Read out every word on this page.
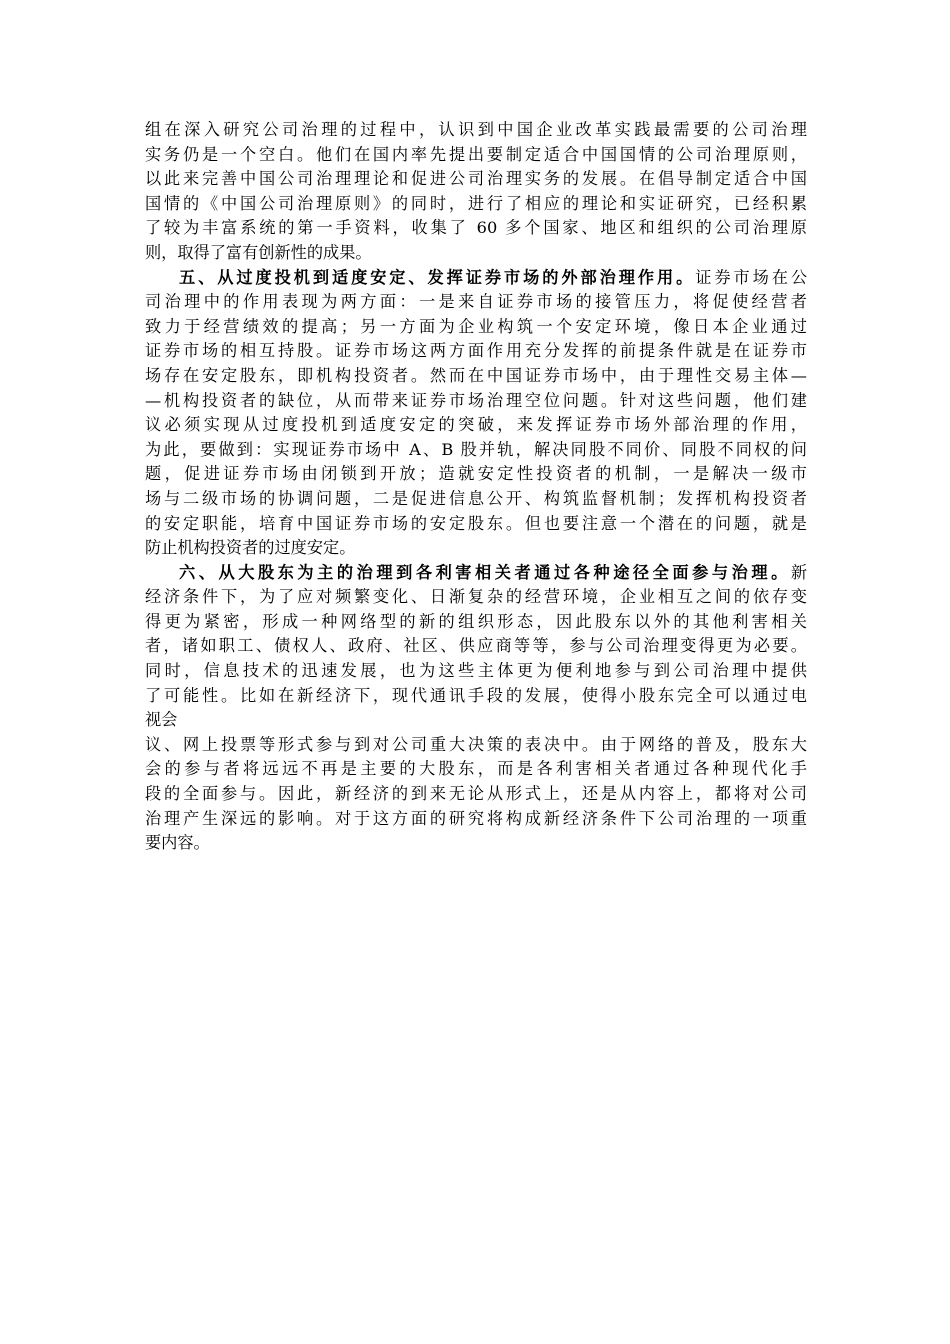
组在深入研究公司治理的过程中，认识到中国企业改革实践最需要的公司治理
实务仍是一个空白。他们在国内率先提出要制定适合中国国情的公司治理原则，
以此来完善中国公司治理理论和促进公司治理实务的发展。在倡导制定适合中国
国情的《中国公司治理原则》的同时，进行了相应的理论和实证研究，已经积累
了较为丰富系统的第一手资料，收集了 60 多个国家、地区和组织的公司治理原
则，取得了富有创新性的成果。
五、从过度投机到适度安定、发挥证券市场的外部治理作用。证券市场在公
司治理中的作用表现为两方面：一是来自证券市场的接管压力，将促使经营者
致力于经营绩效的提高；另一方面为企业构筑一个安定环境，像日本企业通过
证券市场的相互持股。证券市场这两方面作用充分发挥的前提条件就是在证券市
场存在安定股东，即机构投资者。然而在中国证券市场中，由于理性交易主体—
—机构投资者的缺位，从而带来证券市场治理空位问题。针对这些问题，他们建
议必须实现从过度投机到适度安定的突破，来发挥证券市场外部治理的作用，
为此，要做到：实现证券市场中 A、B 股并轨，解决同股不同价、同股不同权的问
题，促进证券市场由闭锁到开放；造就安定性投资者的机制，一是解决一级市
场与二级市场的协调问题，二是促进信息公开、构筑监督机制；发挥机构投资者
的安定职能，培育中国证券市场的安定股东。但也要注意一个潜在的问题，就是
防止机构投资者的过度安定。
六、从大股东为主的治理到各利害相关者通过各种途径全面参与治理。新
经济条件下，为了应对频繁变化、日渐复杂的经营环境，企业相互之间的依存变
得更为紧密，形成一种网络型的新的组织形态，因此股东以外的其他利害相关
者，诸如职工、债权人、政府、社区、供应商等等，参与公司治理变得更为必要。
同时，信息技术的迅速发展，也为这些主体更为便利地参与到公司治理中提供
了可能性。比如在新经济下，现代通讯手段的发展，使得小股东完全可以通过电
视会
议、网上投票等形式参与到对公司重大决策的表决中。由于网络的普及，股东大
会的参与者将远远不再是主要的大股东，而是各利害相关者通过各种现代化手
段的全面参与。因此，新经济的到来无论从形式上，还是从内容上，都将对公司
治理产生深远的影响。对于这方面的研究将构成新经济条件下公司治理的一项重
要内容。
